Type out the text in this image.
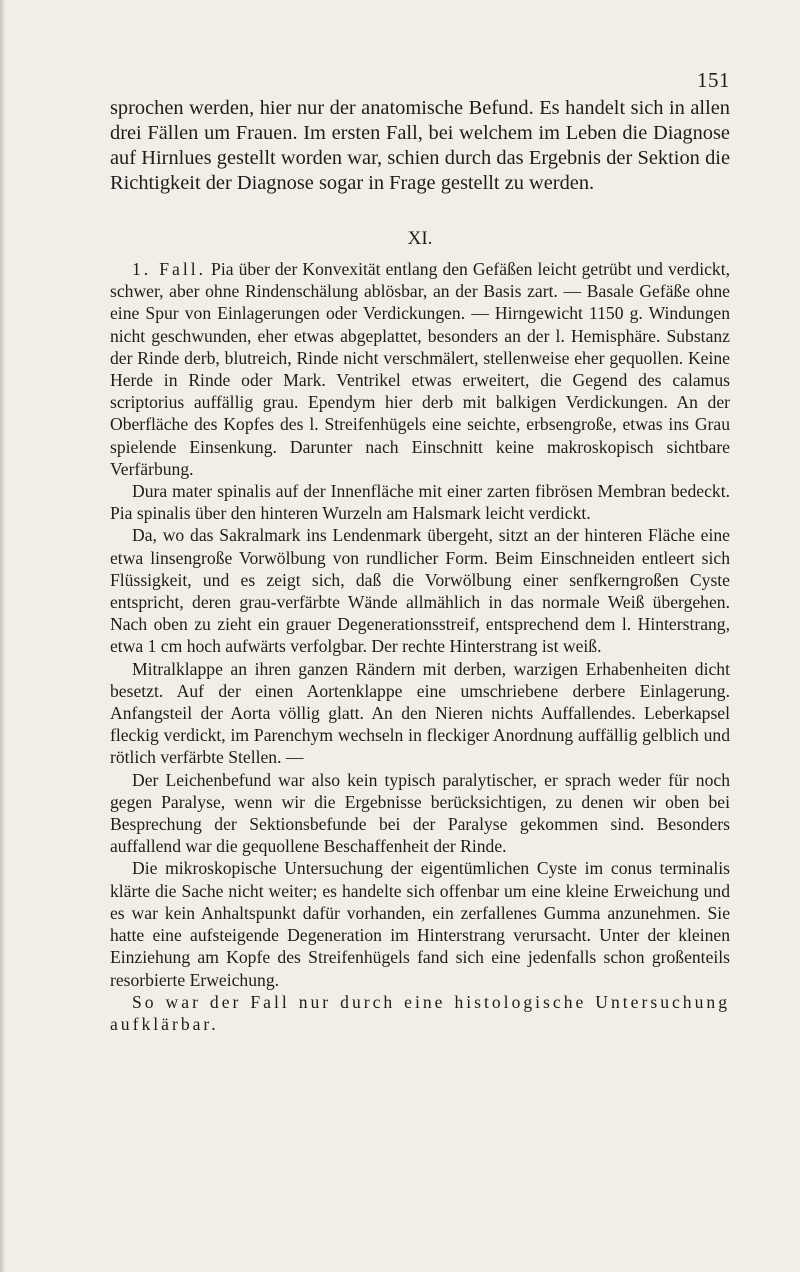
151

sprochen werden, hier nur der anatomische Befund. Es handelt sich in allen drei Fällen um Frauen. Im ersten Fall, bei welchem im Leben die Diagnose auf Hirnlues gestellt worden war, schien durch das Ergebnis der Sektion die Richtigkeit der Diagnose sogar in Frage gestellt zu werden.

XI.

1. Fall. Pia über der Konvexität entlang den Gefäßen leicht getrübt und verdickt, schwer, aber ohne Rindenschälung ablösbar, an der Basis zart. — Basale Gefäße ohne eine Spur von Einlagerungen oder Verdickungen. — Hirngewicht 1150 g. Windungen nicht geschwunden, eher etwas abgeplattet, besonders an der l. Hemisphäre. Substanz der Rinde derb, blutreich, Rinde nicht verschmälert, stellenweise eher gequollen. Keine Herde in Rinde oder Mark. Ventrikel etwas erweitert, die Gegend des calamus scriptorius auffällig grau. Ependym hier derb mit balkigen Verdickungen. An der Oberfläche des Kopfes des l. Streifenhügels eine seichte, erbsengroße, etwas ins Grau spielende Einsenkung. Darunter nach Einschnitt keine makroskopisch sichtbare Verfärbung.

Dura mater spinalis auf der Innenfläche mit einer zarten fibrösen Membran bedeckt. Pia spinalis über den hinteren Wurzeln am Halsmark leicht verdickt.

Da, wo das Sakralmark ins Lendenmark übergeht, sitzt an der hinteren Fläche eine etwa linsengroße Vorwölbung von rundlicher Form. Beim Einschneiden entleert sich Flüssigkeit, und es zeigt sich, daß die Vorwölbung einer senfkerngroßen Cyste entspricht, deren grau-verfärbte Wände allmählich in das normale Weiß übergehen. Nach oben zu zieht ein grauer Degenerationsstreif, entsprechend dem l. Hinterstrang, etwa 1 cm hoch aufwärts verfolgbar. Der rechte Hinterstrang ist weiß.

Mitralklappe an ihren ganzen Rändern mit derben, warzigen Erhabenheiten dicht besetzt. Auf der einen Aortenklappe eine umschriebene derbere Einlagerung. Anfangsteil der Aorta völlig glatt. An den Nieren nichts Auffallendes. Leberkapsel fleckig verdickt, im Parenchym wechseln in fleckiger Anordnung auffällig gelblich und rötlich verfärbte Stellen. —

Der Leichenbefund war also kein typisch paralytischer, er sprach weder für noch gegen Paralyse, wenn wir die Ergebnisse berücksichtigen, zu denen wir oben bei Besprechung der Sektionsbefunde bei der Paralyse gekommen sind. Besonders auffallend war die gequollene Beschaffenheit der Rinde.

Die mikroskopische Untersuchung der eigentümlichen Cyste im conus terminalis klärte die Sache nicht weiter; es handelte sich offenbar um eine kleine Erweichung und es war kein Anhaltspunkt dafür vorhanden, ein zerfallenes Gumma anzunehmen. Sie hatte eine aufsteigende Degeneration im Hinterstrang verursacht. Unter der kleinen Einziehung am Kopfe des Streifenhügels fand sich eine jedenfalls schon großenteils resorbierte Erweichung.

So war der Fall nur durch eine histologische Untersuchung aufklärbar.
